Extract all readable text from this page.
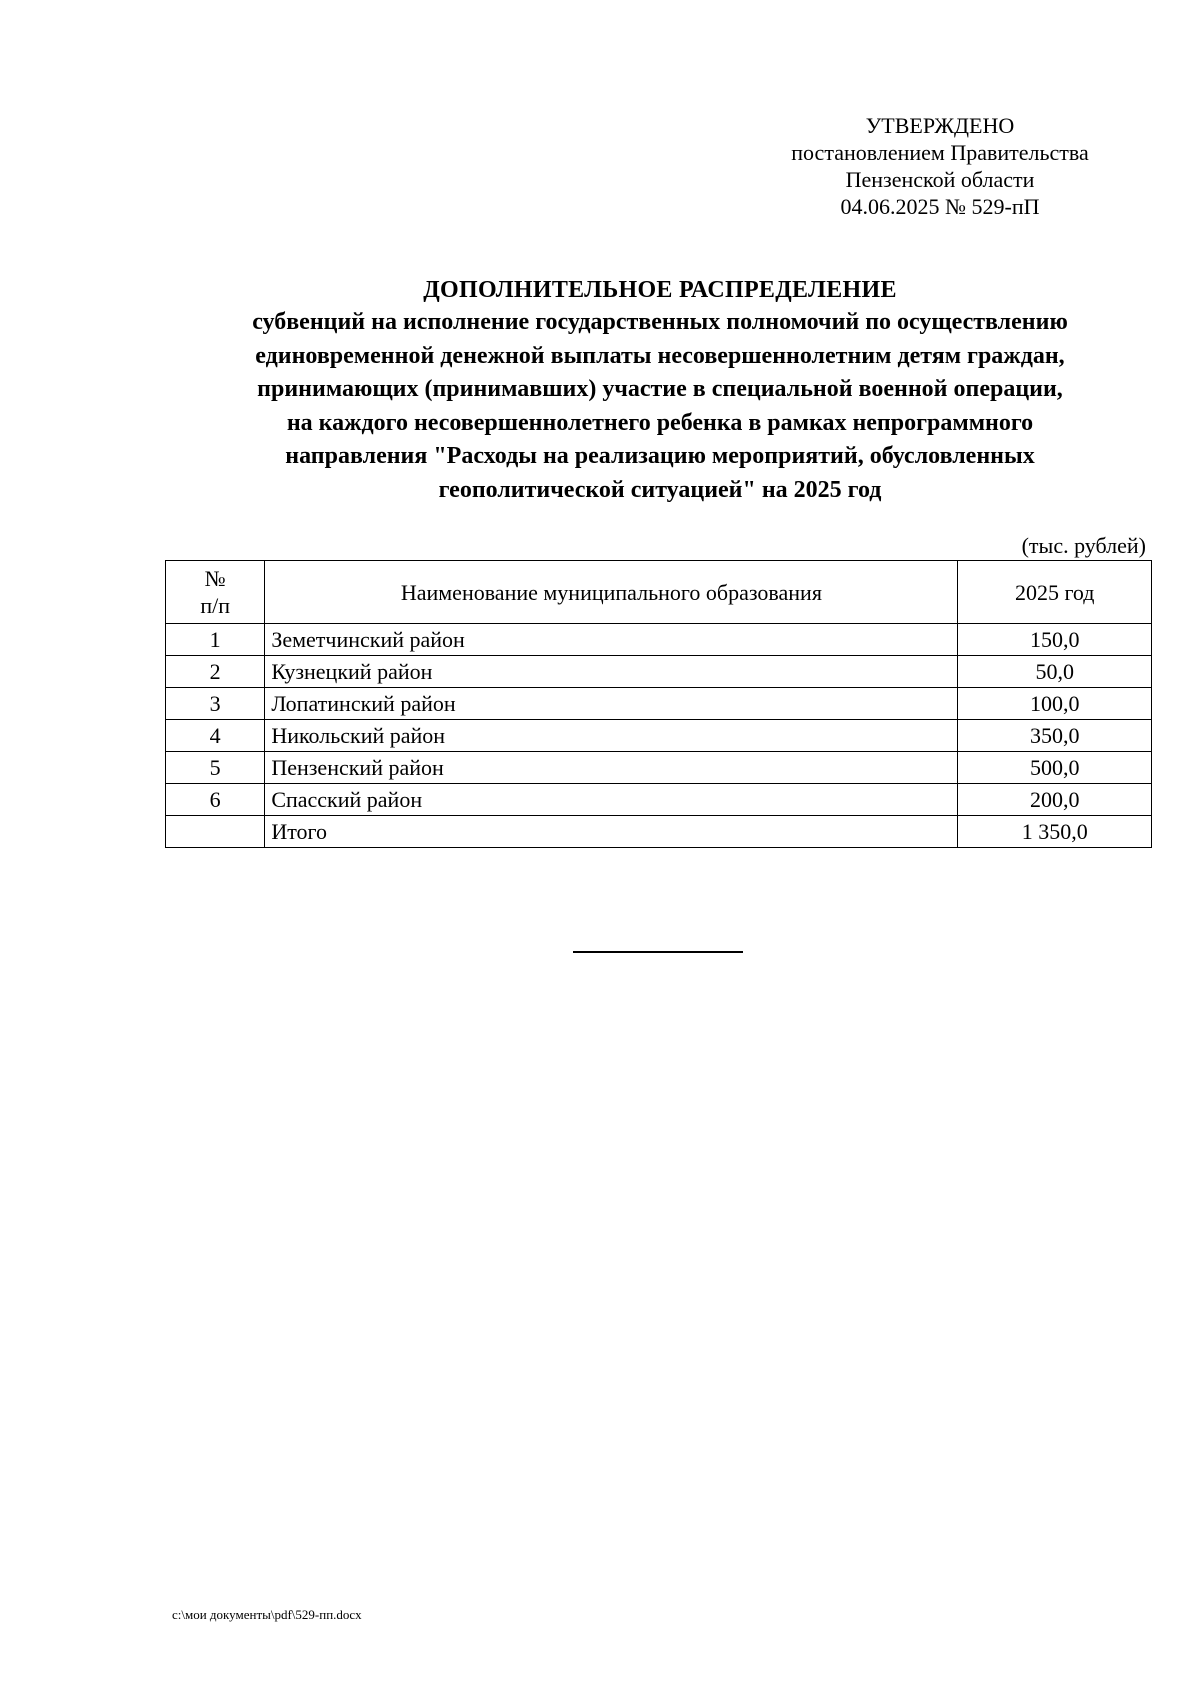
УТВЕРЖДЕНО
постановлением Правительства
Пензенской области
04.06.2025 № 529-пП
ДОПОЛНИТЕЛЬНОЕ РАСПРЕДЕЛЕНИЕ
субвенций на исполнение государственных полномочий по осуществлению
единовременной денежной выплаты несовершеннолетним детям граждан,
принимающих (принимавших) участие в специальной военной операции,
на каждого несовершеннолетнего ребенка в рамках непрограммного
направления "Расходы на реализацию мероприятий, обусловленных
геополитической ситуацией" на 2025 год
(тыс. рублей)
№
п/п	Наименование муниципального образования	2025 год
1	Земетчинский район	150,0
2	Кузнецкий район	50,0
3	Лопатинский район	100,0
4	Никольский район	350,0
5	Пензенский район	500,0
6	Спасский район	200,0
	Итого	1 350,0
c:\мои документы\pdf\529-пп.docx
